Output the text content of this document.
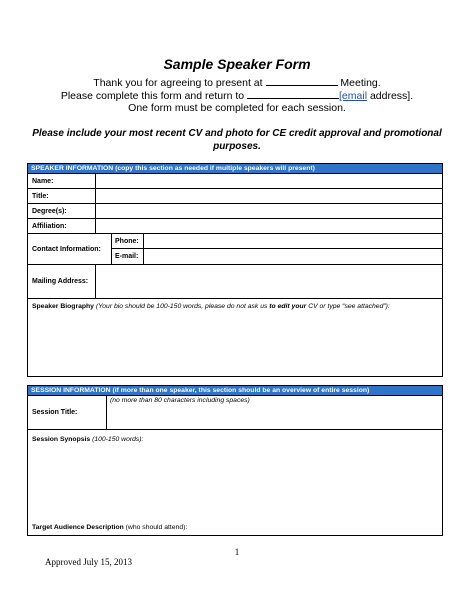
Sample Speaker Form
Thank you for agreeing to present at	Meeting.
Please complete this form and return to	[email address].
One form must be completed for each session.
Please include your most recent CV and photo for CE credit approval and promotional purposes.
SPEAKER INFORMATION (copy this section as needed if multiple speakers will present)
Name:
Title:
Degree(s):
Affiliation:
Contact Information:
Phone:
E-mail:
Mailing Address:
Speaker Biography (Your bio should be 100-150 words, please do not ask us to edit your CV or type “see attached”):
SESSION INFORMATION (if more than one speaker, this section should be an overview of entire session)
Session Title:
(no more than 80 characters including spaces)
Session Synopsis (100-150 words):
Target Audience Description (who should attend):
1
Approved July 15, 2013
